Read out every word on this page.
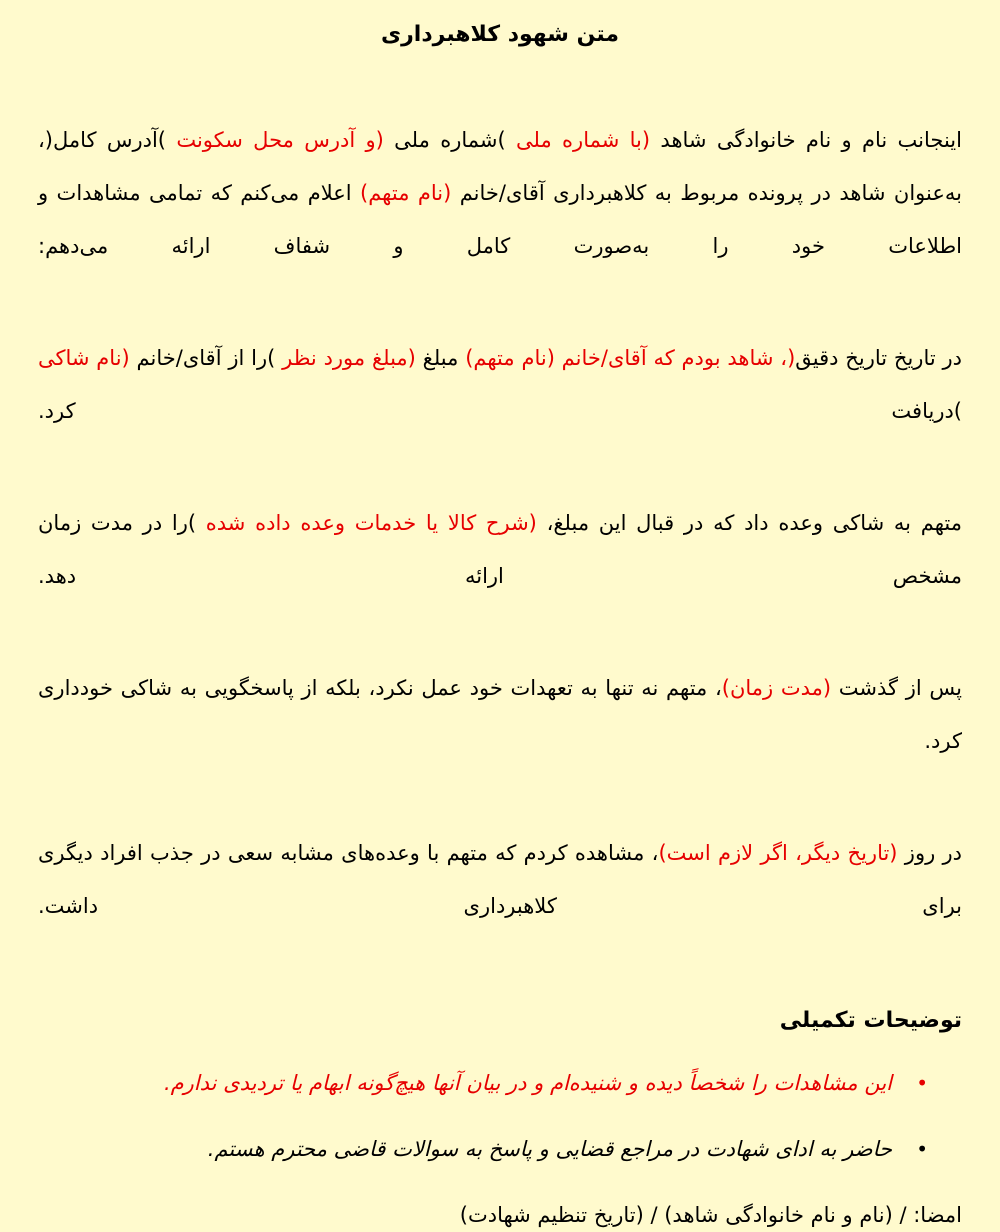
متن شهود کلاهبرداری

اینجانب نام و نام خانوادگی شاهد (با شماره ملی )شماره ملی (و آدرس محل سکونت )آدرس کامل(، به‌عنوان شاهد در پرونده مربوط به کلاهبرداری آقای/خانم (نام متهم) اعلام می‌کنم که تمامی مشاهدات و اطلاعات خود را به‌صورت کامل و شفاف ارائه می‌دهم:

در تاریخ تاریخ دقیق(، شاهد بودم که آقای/خانم (نام متهم) مبلغ (مبلغ مورد نظر )را از آقای/خانم (نام شاکی )دریافت کرد.

متهم به شاکی وعده داد که در قبال این مبلغ، (شرح کالا یا خدمات وعده داده شده )را در مدت زمان مشخص ارائه دهد.

پس از گذشت (مدت زمان)، متهم نه تنها به تعهدات خود عمل نکرد، بلکه از پاسخگویی به شاکی خودداری کرد.

در روز (تاریخ دیگر، اگر لازم است)، مشاهده کردم که متهم با وعده‌های مشابه سعی در جذب افراد دیگری برای کلاهبرداری داشت.

توضیحات تکمیلی
•
این مشاهدات را شخصاً دیده و شنیده‌ام و در بیان آنها هیچ‌گونه ابهام یا تردیدی ندارم.
•
حاضر به ادای شهادت در مراجع قضایی و پاسخ به سوالات قاضی محترم هستم.
امضا: / (نام و نام خانوادگی شاهد) / (تاریخ تنظیم شهادت)
